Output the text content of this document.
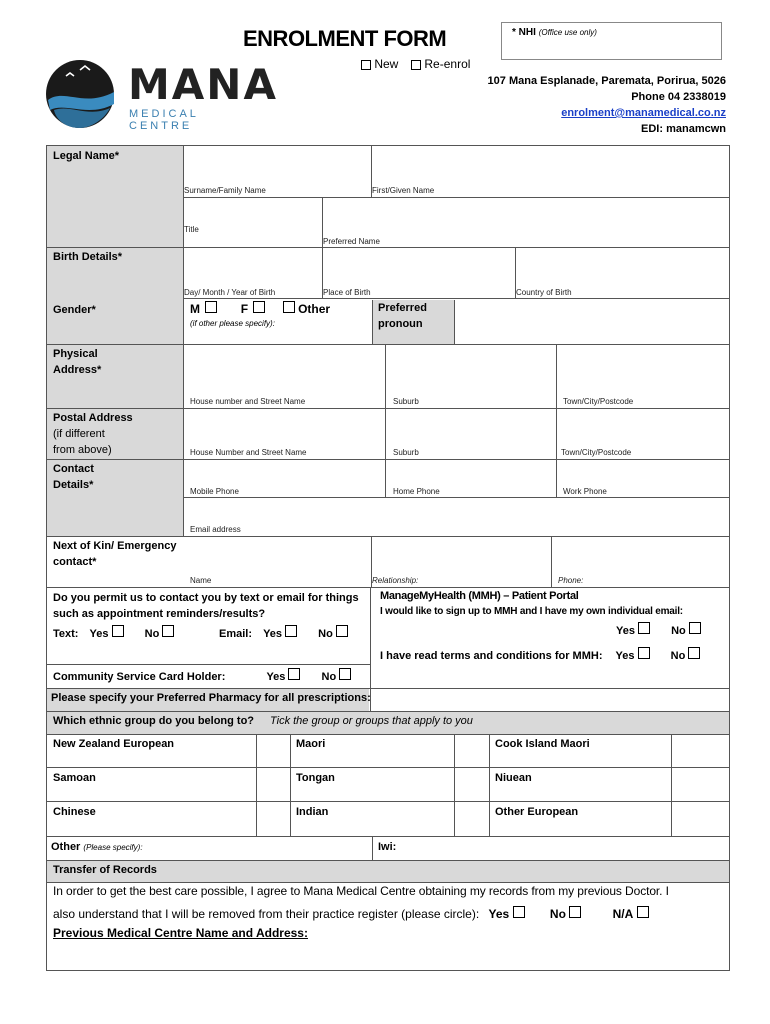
ENROLMENT FORM
New Re-enrol
* NHI (Office use only)
MANA
MEDICAL CENTRE
107 Mana Esplanade, Paremata, Porirua, 5026
Phone 04 2338019
enrolment@manamedical.co.nz
EDI: manamcwn
Legal Name*
Surname/Family Name	First/Given Name
Title
Preferred Name
Birth Details*
Day/ Month / Year of Birth	Place of Birth	Country of Birth
Gender*	M	F	Other
(if other please specify):
Preferred pronoun
Physical Address*
House number and Street Name	Suburb	Town/City/Postcode
Postal Address
(if different
from above)	House Number and Street Name	Suburb	Town/City/Postcode
Contact Details*
Mobile Phone	Home Phone	Work Phone
Email address
Next of Kin/ Emergency contact*
Name	Relationship:	Phone:
Do you permit us to contact you by text or email for things
such as appointment reminders/results?
Text: Yes	No	Email: Yes	No
ManageMyHealth (MMH) – Patient Portal
I would like to sign up to MMH and I have my own individual email:
Yes	No
I have read terms and conditions for MMH: Yes	No
Community Service Card Holder:	Yes	No
Please specify your Preferred Pharmacy for all prescriptions:
Which ethnic group do you belong to? Tick the group or groups that apply to you
New Zealand European	Maori	Cook Island Maori
Samoan	Tongan	Niuean
Chinese	Indian	Other European
Other (Please specify):	Iwi:
Transfer of Records
In order to get the best care possible, I agree to Mana Medical Centre obtaining my records from my previous Doctor. I
also understand that I will be removed from their practice register (please circle): Yes	No	N/A
Previous Medical Centre Name and Address:
